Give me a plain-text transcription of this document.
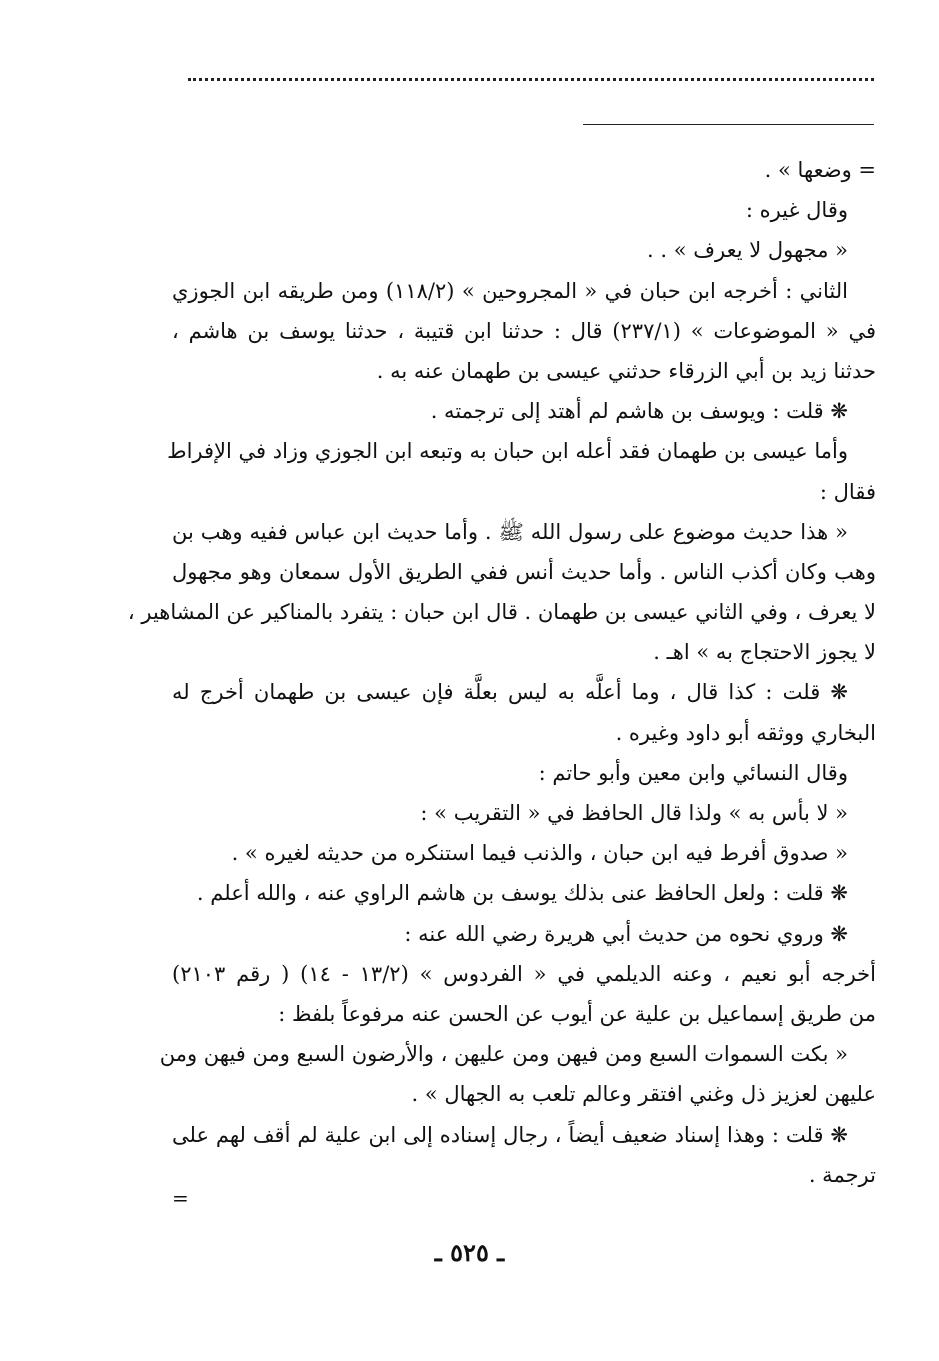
= وضعها » .
وقال غيره :
« مجهول لا يعرف » . .
الثاني : أخرجه ابن حبان في « المجروحين » (١١٨/٢) ومن طريقه ابن الجوزي
في « الموضوعات » (٢٣٧/١) قال : حدثنا ابن قتيبة ، حدثنا يوسف بن هاشم ،
حدثنا زيد بن أبي الزرقاء حدثني عيسى بن طهمان عنه به .
❋ قلت : ويوسف بن هاشم لم أهتد إلى ترجمته .
وأما عيسى بن طهمان فقد أعله ابن حبان به وتبعه ابن الجوزي وزاد في الإفراط
فقال :
« هذا حديث موضوع على رسول الله ﷺ . وأما حديث ابن عباس ففيه وهب بن
وهب وكان أكذب الناس . وأما حديث أنس ففي الطريق الأول سمعان وهو مجهول
لا يعرف ، وفي الثاني عيسى بن طهمان . قال ابن حبان : يتفرد بالمناكير عن المشاهير ،
لا يجوز الاحتجاج به » اهـ .
❋ قلت : كذا قال ، وما أعلَّه به ليس بعلَّة فإن عيسى بن طهمان أخرج له
البخاري ووثقه أبو داود وغيره .
وقال النسائي وابن معين وأبو حاتم :
« لا بأس به » ولذا قال الحافظ في « التقريب » :
« صدوق أفرط فيه ابن حبان ، والذنب فيما استنكره من حديثه لغيره » .
❋ قلت : ولعل الحافظ عنى بذلك يوسف بن هاشم الراوي عنه ، والله أعلم .
❋ وروي نحوه من حديث أبي هريرة رضي الله عنه :
أخرجه أبو نعيم ، وعنه الديلمي في « الفردوس » (١٣/٢ - ١٤) ( رقم ٢١٠٣)
من طريق إسماعيل بن علية عن أيوب عن الحسن عنه مرفوعاً بلفظ :
« بكت السموات السبع ومن فيهن ومن عليهن ، والأرضون السبع ومن فيهن ومن
عليهن لعزيز ذل وغني افتقر وعالم تلعب به الجهال » .
❋ قلت : وهذا إسناد ضعيف أيضاً ، رجال إسناده إلى ابن علية لم أقف لهم على
ترجمة .
=
ـ ٥٢٥ ـ
